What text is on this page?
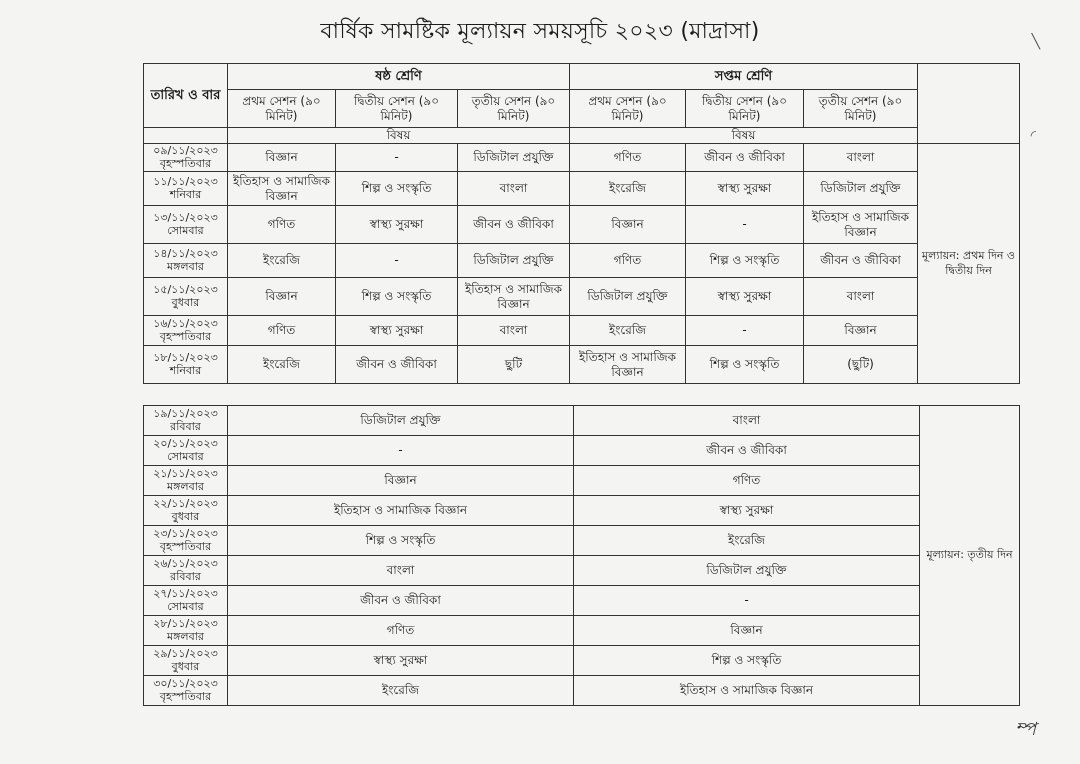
বার্ষিক সামষ্টিক মূল্যায়ন সময়সূচি ২০২৩ (মাদ্রাসা)
তারিখ ও বার	ষষ্ঠ শ্রেণি			সপ্তম শ্রেণি			
	প্রথম সেশন (৯০ মিনিট)	দ্বিতীয় সেশন (৯০ মিনিট)	তৃতীয় সেশন (৯০ মিনিট)	প্রথম সেশন (৯০ মিনিট)	দ্বিতীয় সেশন (৯০ মিনিট)	তৃতীয় সেশন (৯০ মিনিট)	
	বিষয়			বিষয়			

০৯/১১/২০২৩
বৃহস্পতিবার	বিজ্ঞান	-	ডিজিটাল প্রযুক্তি	গণিত	জীবন ও জীবিকা	বাংলা	মূল্যায়ন: প্রথম দিন ও দ্বিতীয় দিন

১১/১১/২০২৩
শনিবার	ইতিহাস ও সামাজিক বিজ্ঞান	শিল্প ও সংস্কৃতি	বাংলা	ইংরেজি	স্বাস্থ্য সুরক্ষা	ডিজিটাল প্রযুক্তি	

১৩/১১/২০২৩
সোমবার	গণিত	স্বাস্থ্য সুরক্ষা	জীবন ও জীবিকা	বিজ্ঞান	-	ইতিহাস ও সামাজিক বিজ্ঞান	

১৪/১১/২০২৩
মঙ্গলবার	ইংরেজি	-	ডিজিটাল প্রযুক্তি	গণিত	শিল্প ও সংস্কৃতি	জীবন ও জীবিকা	

১৫/১১/২০২৩
বুধবার	বিজ্ঞান	শিল্প ও সংস্কৃতি	ইতিহাস ও সামাজিক বিজ্ঞান	ডিজিটাল প্রযুক্তি	স্বাস্থ্য সুরক্ষা	বাংলা	

১৬/১১/২০২৩
বৃহস্পতিবার	গণিত	স্বাস্থ্য সুরক্ষা	বাংলা	ইংরেজি	-	বিজ্ঞান	

১৮/১১/২০২৩
শনিবার	ইংরেজি	জীবন ও জীবিকা	ছুটি	ইতিহাস ও সামাজিক বিজ্ঞান	শিল্প ও সংস্কৃতি	(ছুটি)	
১৯/১১/২০২৩
রবিবার	ডিজিটাল প্রযুক্তি	বাংলা	মূল্যায়ন: তৃতীয় দিন

২০/১১/২০২৩
সোমবার	-	জীবন ও জীবিকা	

২১/১১/২০২৩
মঙ্গলবার	বিজ্ঞান	গণিত	

২২/১১/২০২৩
বুধবার	ইতিহাস ও সামাজিক বিজ্ঞান	স্বাস্থ্য সুরক্ষা	

২৩/১১/২০২৩
বৃহস্পতিবার	শিল্প ও সংস্কৃতি	ইংরেজি	

২৬/১১/২০২৩
রবিবার	বাংলা	ডিজিটাল প্রযুক্তি	

২৭/১১/২০২৩
সোমবার	জীবন ও জীবিকা	-	

২৮/১১/২০২৩
মঙ্গলবার	গণিত	বিজ্ঞান	

২৯/১১/২০২৩
বুধবার	স্বাস্থ্য সুরক্ষা	শিল্প ও সংস্কৃতি	

৩০/১১/২০২৩
বৃহস্পতিবার	ইংরেজি	ইতিহাস ও সামাজিক বিজ্ঞান	
ম্প
╲
◜
